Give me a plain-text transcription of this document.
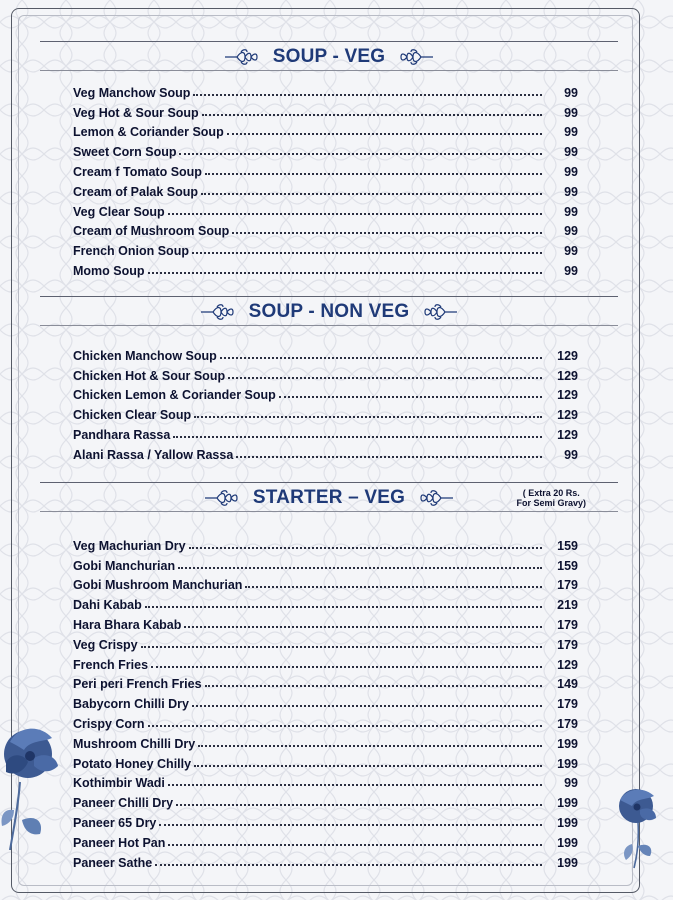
SOUP - VEG
Veg Manchow Soup	99
Veg Hot & Sour Soup	99
Lemon & Coriander Soup	99
Sweet Corn Soup	99
Cream f Tomato Soup	99
Cream of Palak Soup	99
Veg Clear Soup	99
Cream of Mushroom Soup	99
French Onion Soup	99
Momo Soup	99
SOUP - NON VEG
Chicken Manchow Soup	129
Chicken Hot & Sour Soup	129
Chicken Lemon & Coriander Soup	129
Chicken Clear Soup	129
Pandhara Rassa	129
Alani Rassa / Yallow Rassa	99
STARTER – VEG	( Extra 20 Rs.
For Semi Gravy)
Veg Machurian Dry	159
Gobi Manchurian	159
Gobi Mushroom Manchurian	179
Dahi Kabab	219
Hara Bhara Kabab	179
Veg Crispy	179
French Fries	129
Peri peri French Fries	149
Babycorn Chilli Dry	179
Crispy Corn	179
Mushroom Chilli Dry	199
Potato Honey Chilly	199
Kothimbir Wadi	99
Paneer Chilli Dry	199
Paneer 65 Dry	199
Paneer Hot Pan	199
Paneer Sathe	199
